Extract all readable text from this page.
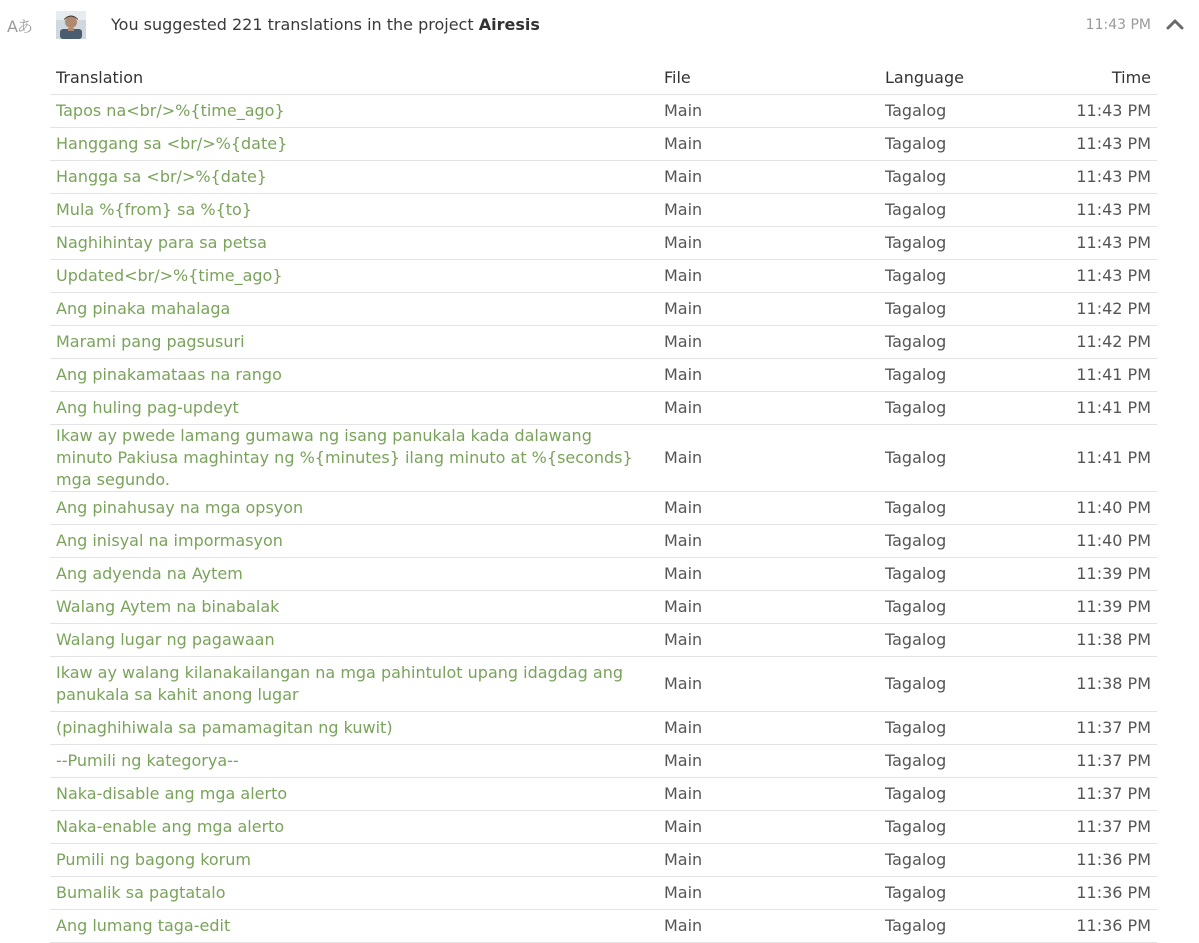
Aあ	You suggested 221 translations in the project Airesis	11:43 PM
Translation	File	Language	Time
Tapos na<br/>%{time_ago}	Main	Tagalog	11:43 PM
Hanggang sa <br/>%{date}	Main	Tagalog	11:43 PM
Hangga sa <br/>%{date}	Main	Tagalog	11:43 PM
Mula %{from} sa %{to}	Main	Tagalog	11:43 PM
Naghihintay para sa petsa	Main	Tagalog	11:43 PM
Updated<br/>%{time_ago}	Main	Tagalog	11:43 PM
Ang pinaka mahalaga	Main	Tagalog	11:42 PM
Marami pang pagsusuri	Main	Tagalog	11:42 PM
Ang pinakamataas na rango	Main	Tagalog	11:41 PM
Ang huling pag-updeyt	Main	Tagalog	11:41 PM
Ikaw ay pwede lamang gumawa ng isang panukala kada dalawang minuto Pakiusa maghintay ng %{minutes} ilang minuto at %{seconds} mga segundo.	Main	Tagalog	11:41 PM
Ang pinahusay na mga opsyon	Main	Tagalog	11:40 PM
Ang inisyal na impormasyon	Main	Tagalog	11:40 PM
Ang adyenda na Aytem	Main	Tagalog	11:39 PM
Walang Aytem na binabalak	Main	Tagalog	11:39 PM
Walang lugar ng pagawaan	Main	Tagalog	11:38 PM
Ikaw ay walang kilanakailangan na mga pahintulot upang idagdag ang panukala sa kahit anong lugar	Main	Tagalog	11:38 PM
(pinaghihiwala sa pamamagitan ng kuwit)	Main	Tagalog	11:37 PM
--Pumili ng kategorya--	Main	Tagalog	11:37 PM
Naka-disable ang mga alerto	Main	Tagalog	11:37 PM
Naka-enable ang mga alerto	Main	Tagalog	11:37 PM
Pumili ng bagong korum	Main	Tagalog	11:36 PM
Bumalik sa pagtatalo	Main	Tagalog	11:36 PM
Ang lumang taga-edit	Main	Tagalog	11:36 PM
